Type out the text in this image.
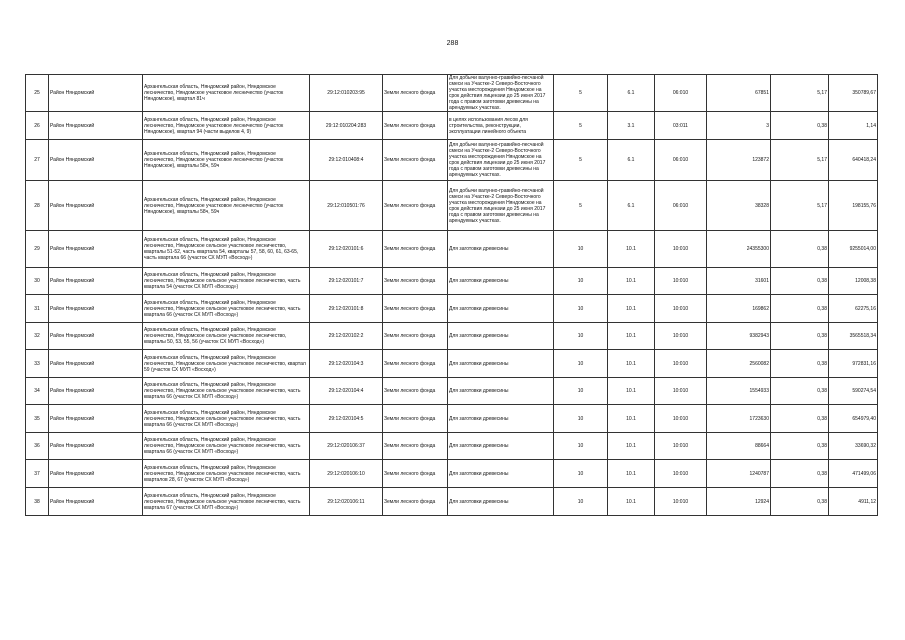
288
25	Район Няндомский	Архангельская область, Няндомский район, Няндомское лесничество, Няндомское участковое лесничество (участок Няндомское), квартал 81ч	29:12:010203:95	Земли лесного фонда	Для добычи валунно-гравийно-песчаной смеси на Участке-2 Северо-Восточного участка месторождения Няндомское на срок действия лицензии до 25 июня 2017 года с правом заготовки древесины на арендуемых участках.	5	6.1	06:010	67851	5,17	350789,67
26	Район Няндомский	Архангельская область, Няндомский район, Няндомское лесничество, Няндомское участковое лесничество (участок Няндомское), квартал 94 (части выделов 4, 9)	29:12:010204:283	Земли лесного фонда	в целях использования лесов для строительства, реконструкции, эксплуатации линейного объекта	5	3.1	03:011	3	0,38	1,14
27	Район Няндомский	Архангельская область, Няндомский район, Няндомское лесничество, Няндомское участковое лесничество (участок Няндомское), кварталы 58ч, 59ч	29:12:010408:4	Земли лесного фонда	Для добычи валунно-гравийно-песчаной смеси на Участке-2 Северо-Восточного участка месторождения Няндомское на срок действия лицензии до 25 июня 2017 года с правом заготовки древесины на арендуемых участках.	5	6.1	06:010	123872	5,17	640418,24
28	Район Няндомский	Архангельская область, Няндомский район, Няндомское лесничество, Няндомское участковое лесничество (участок Няндомское), кварталы 58ч, 59ч	29:12:010501:76	Земли лесного фонда	Для добычи валунно-гравийно-песчаной смеси на Участке-2 Северо-Восточного участка месторождения Няндомское на срок действия лицензии до 25 июня 2017 года с правом заготовки древесины на арендуемых участках.	5	6.1	06:010	38328	5,17	198155,76
29	Район Няндомский	Архангельская область, Няндомский район, Няндомское лесничество, Няндомское сельское участковое лесничество, кварталы 51-52, часть квартала 54, кварталы 57, 58, 60, 61, 63-65, часть квартала 66 (участок СХ МУП «Восход»)	29:12:020101:6	Земли лесного фонда	Для заготовки древесины	10	10.1	10:010	24355300	0,38	9255014,00
30	Район Няндомский	Архангельская область, Няндомский район, Няндомское лесничество, Няндомское сельское участковое лесничество, часть квартала 54 (участок СХ МУП «Восход»)	29:12:020101:7	Земли лесного фонда	Для заготовки древесины	10	10.1	10:010	31601	0,38	12008,38
31	Район Няндомский	Архангельская область, Няндомский район, Няндомское лесничество, Няндомское сельское участковое лесничество, часть квартала 66 (участок СХ МУП «Восход»)	29:12:020101:8	Земли лесного фонда	Для заготовки древесины	10	10.1	10:010	169862	0,38	62275,16
32	Район Няндомский	Архангельская область, Няндомский район, Няндомское лесничество, Няндомское сельское участковое лесничество, кварталы 50, 53, 55, 56 (участок СХ МУП «Восход»)	29:12:020102:2	Земли лесного фонда	Для заготовки древесины	10	10.1	10:010	9382943	0,38	3565518,34
33	Район Няндомский	Архангельская область, Няндомский район, Няндомское лесничество, Няндомское сельское участковое лесничество, квартал 59 (участок СХ МУП «Восход»)	29:12:020104:3	Земли лесного фонда	Для заготовки древесины	10	10.1	10:010	2560082	0,38	972831,16
34	Район Няндомский	Архангельская область, Няндомский район, Няндомское лесничество, Няндомское сельское участковое лесничество, часть квартала 66 (участок СХ МУП «Восход»)	29:12:020104:4	Земли лесного фонда	Для заготовки древесины	10	10.1	10:010	1554933	0,38	590274,54
35	Район Няндомский	Архангельская область, Няндомский район, Няндомское лесничество, Няндомское сельское участковое лесничество, часть квартала 66 (участок СХ МУП «Восход»)	29:12:020104:5	Земли лесного фонда	Для заготовки древесины	10	10.1	10:010	1723630	0,38	654979,40
36	Район Няндомский	Архангельская область, Няндомский район, Няндомское лесничество, Няндомское сельское участковое лесничество, часть квартала 66 (участок СХ МУП «Восход»)	29:12:020106:37	Земли лесного фонда	Для заготовки древесины	10	10.1	10:010	88664	0,38	33690,32
37	Район Няндомский	Архангельская область, Няндомский район, Няндомское лесничество, Няндомское сельское участковое лесничество, часть кварталов 28, 67 (участок СХ МУП «Восход»)	29:12:020106:10	Земли лесного фонда	Для заготовки древесины	10	10.1	10:010	1240787	0,38	471499,06
38	Район Няндомский	Архангельская область, Няндомский район, Няндомское лесничество, Няндомское сельское участковое лесничество, часть квартала 67 (участок СХ МУП «Восход»)	29:12:020106:11	Земли лесного фонда	Для заготовки древесины	10	10.1	10:010	12924	0,38	4911,12
